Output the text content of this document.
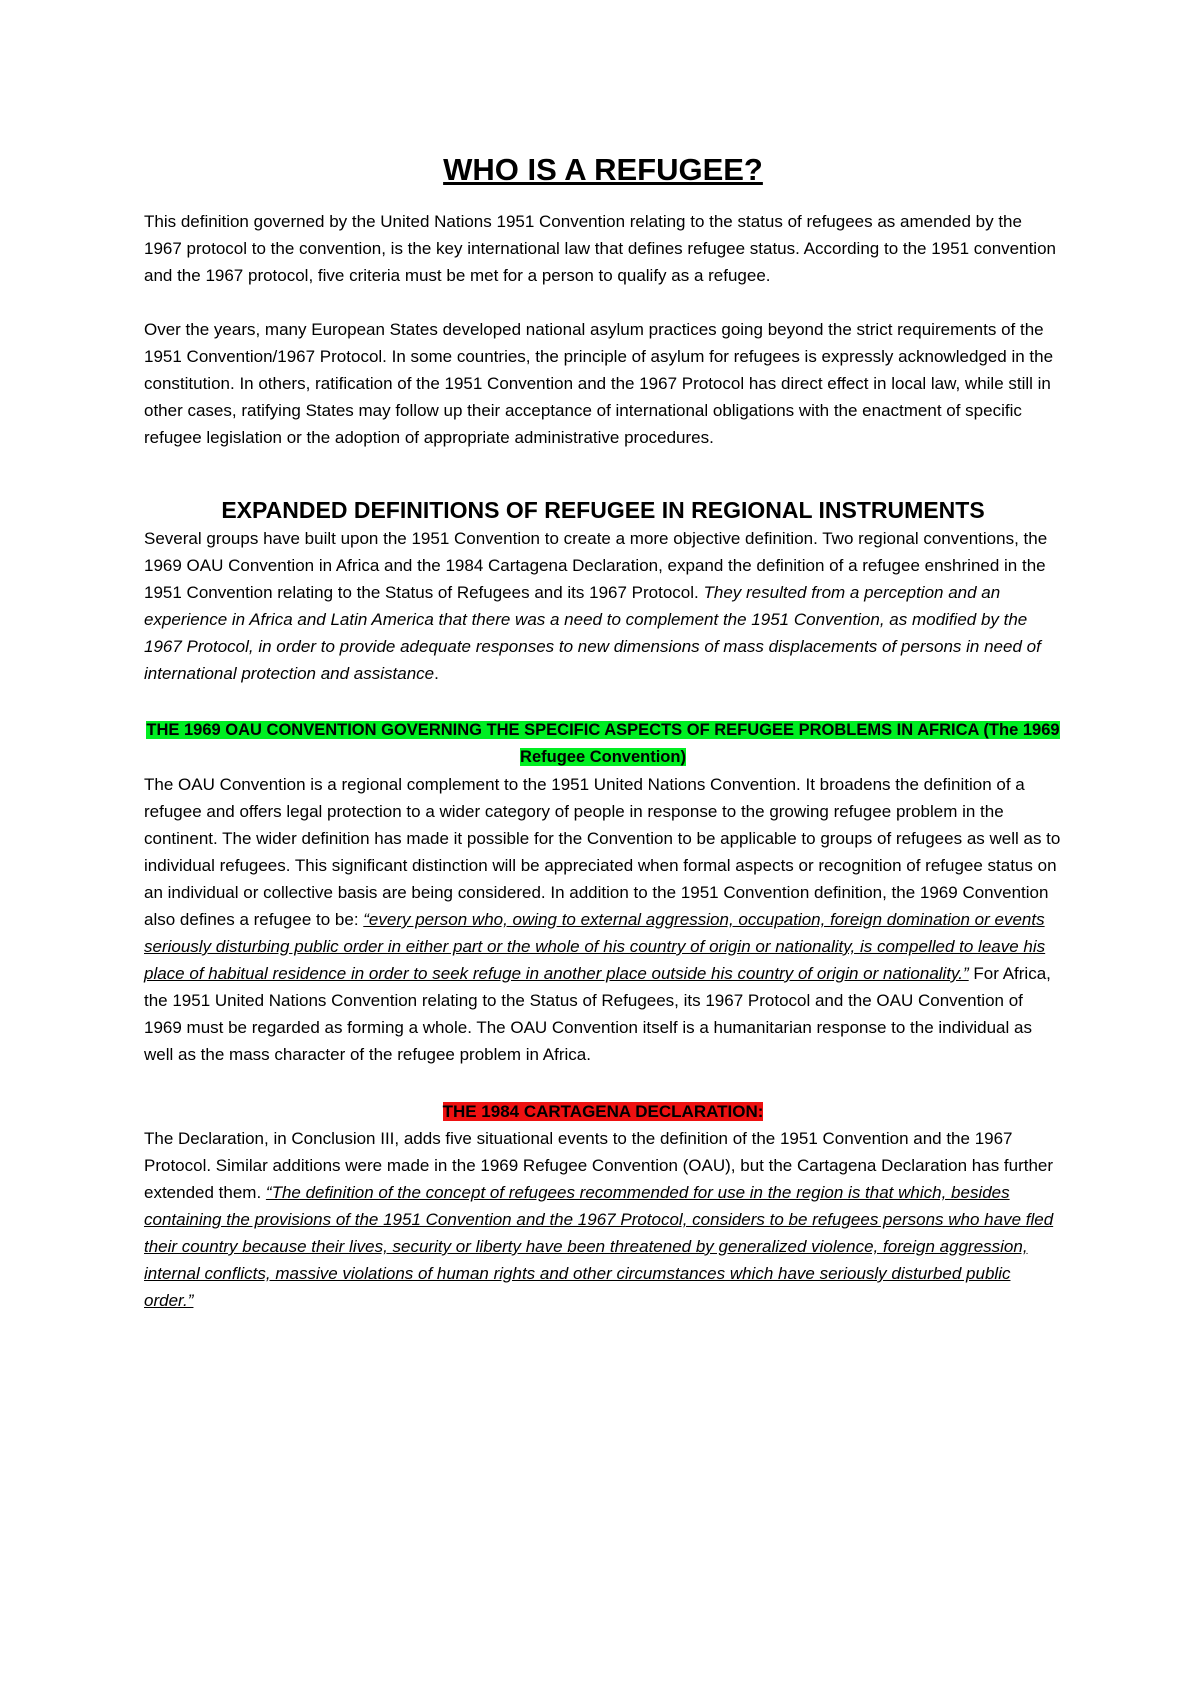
WHO IS A REFUGEE?

This definition governed by the United Nations 1951 Convention relating to the status of refugees as amended by the 1967 protocol to the convention, is the key international law that defines refugee status. According to the 1951 convention and the 1967 protocol, five criteria must be met for a person to qualify as a refugee.

Over the years, many European States developed national asylum practices going beyond the strict requirements of the 1951 Convention/1967 Protocol. In some countries, the principle of asylum for refugees is expressly acknowledged in the constitution. In others, ratification of the 1951 Convention and the 1967 Protocol has direct effect in local law, while still in other cases, ratifying States may follow up their acceptance of international obligations with the enactment of specific refugee legislation or the adoption of appropriate administrative procedures.

EXPANDED DEFINITIONS OF REFUGEE IN REGIONAL INSTRUMENTS

Several groups have built upon the 1951 Convention to create a more objective definition. Two regional conventions, the 1969 OAU Convention in Africa and the 1984 Cartagena Declaration, expand the definition of a refugee enshrined in the 1951 Convention relating to the Status of Refugees and its 1967 Protocol. They resulted from a perception and an experience in Africa and Latin America that there was a need to complement the 1951 Convention, as modified by the 1967 Protocol, in order to provide adequate responses to new dimensions of mass displacements of persons in need of international protection and assistance.

THE 1969 OAU CONVENTION GOVERNING THE SPECIFIC ASPECTS OF REFUGEE PROBLEMS IN AFRICA (The 1969 Refugee Convention)

The OAU Convention is a regional complement to the 1951 United Nations Convention. It broadens the definition of a refugee and offers legal protection to a wider category of people in response to the growing refugee problem in the continent. The wider definition has made it possible for the Convention to be applicable to groups of refugees as well as to individual refugees. This significant distinction will be appreciated when formal aspects or recognition of refugee status on an individual or collective basis are being considered. In addition to the 1951 Convention definition, the 1969 Convention also defines a refugee to be: “every person who, owing to external aggression, occupation, foreign domination or events seriously disturbing public order in either part or the whole of his country of origin or nationality, is compelled to leave his place of habitual residence in order to seek refuge in another place outside his country of origin or nationality.” For Africa, the 1951 United Nations Convention relating to the Status of Refugees, its 1967 Protocol and the OAU Convention of 1969 must be regarded as forming a whole. The OAU Convention itself is a humanitarian response to the individual as well as the mass character of the refugee problem in Africa.

THE 1984 CARTAGENA DECLARATION:

The Declaration, in Conclusion III, adds five situational events to the definition of the 1951 Convention and the 1967 Protocol. Similar additions were made in the 1969 Refugee Convention (OAU), but the Cartagena Declaration has further extended them. “The definition of the concept of refugees recommended for use in the region is that which, besides containing the provisions of the 1951 Convention and the 1967 Protocol, considers to be refugees persons who have fled their country because their lives, security or liberty have been threatened by generalized violence, foreign aggression, internal conflicts, massive violations of human rights and other circumstances which have seriously disturbed public order.”
